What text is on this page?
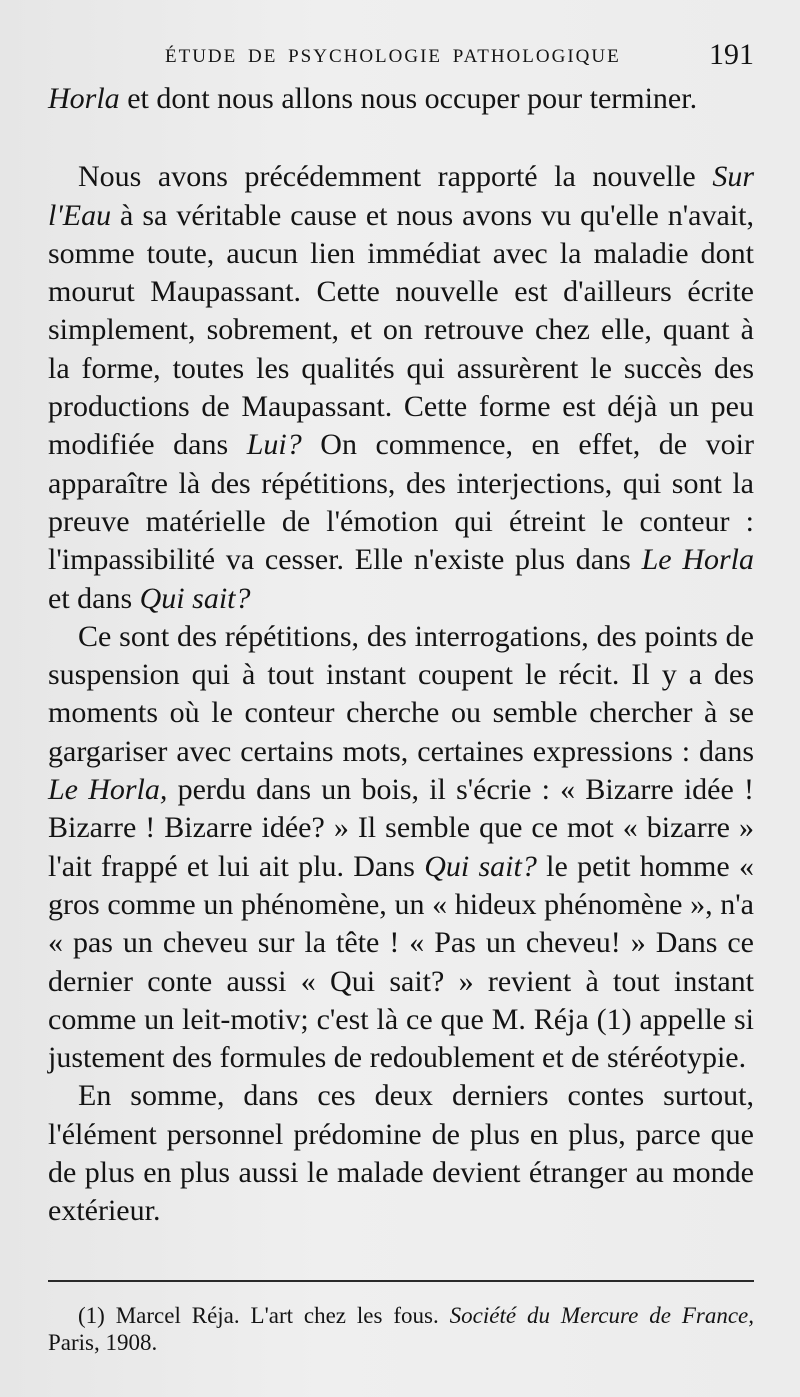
ÉTUDE DE PSYCHOLOGIE PATHOLOGIQUE	191

Horla et dont nous allons nous occuper pour terminer.

Nous avons précédemment rapporté la nouvelle Sur l'Eau à sa véritable cause et nous avons vu qu'elle n'avait, somme toute, aucun lien immédiat avec la maladie dont mourut Maupassant. Cette nouvelle est d'ailleurs écrite simplement, sobrement, et on retrouve chez elle, quant à la forme, toutes les qualités qui assurèrent le succès des productions de Maupassant. Cette forme est déjà un peu modifiée dans Lui? On commence, en effet, de voir apparaître là des répétitions, des interjections, qui sont la preuve matérielle de l'émotion qui étreint le conteur : l'impassibilité va cesser. Elle n'existe plus dans Le Horla et dans Qui sait?

Ce sont des répétitions, des interrogations, des points de suspension qui à tout instant coupent le récit. Il y a des moments où le conteur cherche ou semble chercher à se gargariser avec certains mots, certaines expressions : dans Le Horla, perdu dans un bois, il s'écrie : « Bizarre idée ! Bizarre ! Bizarre idée? » Il semble que ce mot « bizarre » l'ait frappé et lui ait plu. Dans Qui sait? le petit homme « gros comme un phénomène, un « hideux phénomène », n'a « pas un cheveu sur la tête ! « Pas un cheveu! » Dans ce dernier conte aussi « Qui sait? » revient à tout instant comme un leit-motiv; c'est là ce que M. Réja (1) appelle si justement des formules de redoublement et de stéréotypie.

En somme, dans ces deux derniers contes surtout, l'élément personnel prédomine de plus en plus, parce que de plus en plus aussi le malade devient étranger au monde extérieur.

(1) Marcel Réja. L'art chez les fous. Société du Mercure de France, Paris, 1908.
